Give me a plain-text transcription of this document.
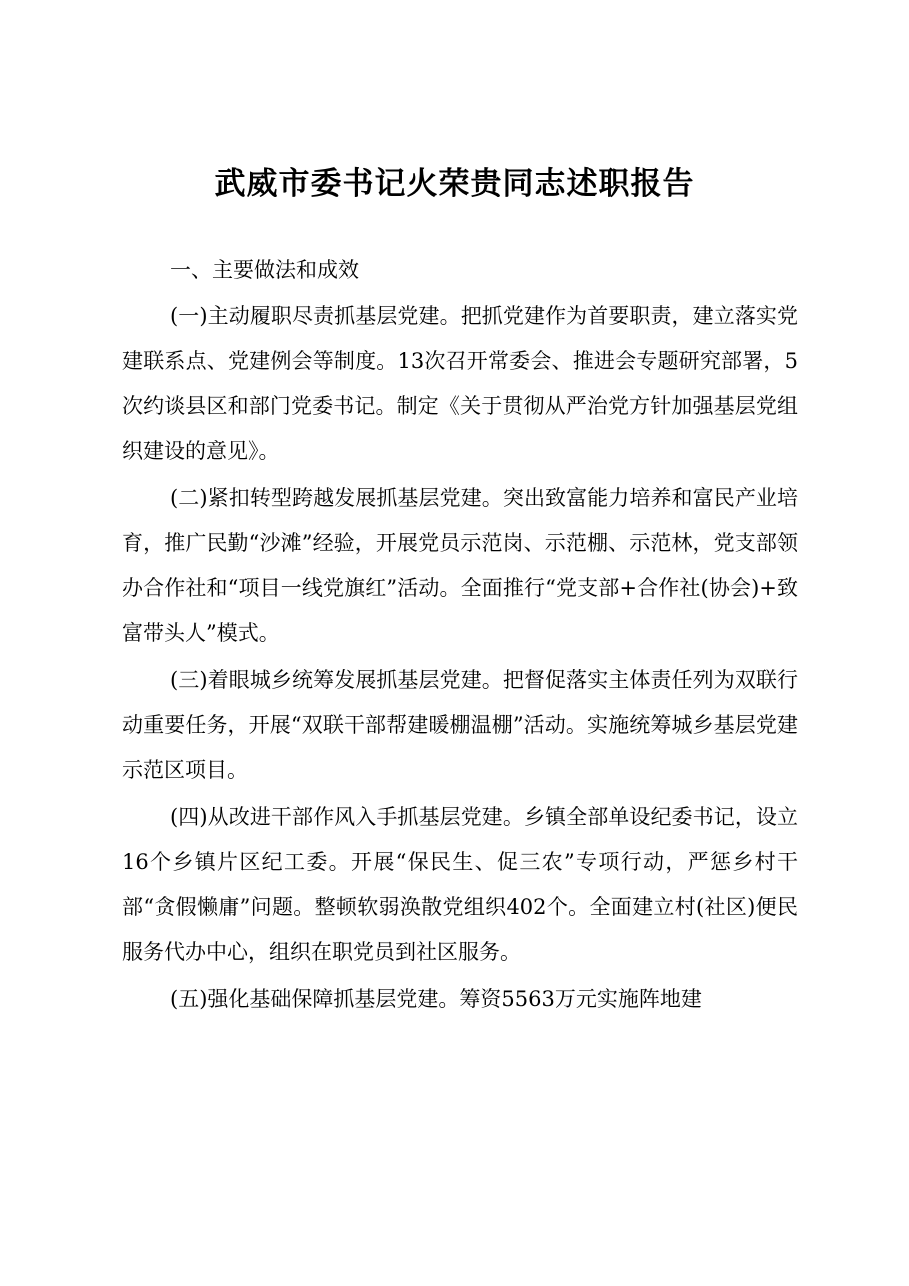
武威市委书记火荣贵同志述职报告

一、主要做法和成效

(一)主动履职尽责抓基层党建。把抓党建作为首要职责，建立落实党建联系点、党建例会等制度。13次召开常委会、推进会专题研究部署，5次约谈县区和部门党委书记。制定《关于贯彻从严治党方针加强基层党组织建设的意见》。

(二)紧扣转型跨越发展抓基层党建。突出致富能力培养和富民产业培育，推广民勤“沙滩”经验，开展党员示范岗、示范棚、示范林，党支部领办合作社和“项目一线党旗红”活动。全面推行“党支部+合作社(协会)+致富带头人”模式。

(三)着眼城乡统筹发展抓基层党建。把督促落实主体责任列为双联行动重要任务，开展“双联干部帮建暖棚温棚”活动。实施统筹城乡基层党建示范区项目。

(四)从改进干部作风入手抓基层党建。乡镇全部单设纪委书记，设立16个乡镇片区纪工委。开展“保民生、促三农”专项行动，严惩乡村干部“贪假懒庸”问题。整顿软弱涣散党组织402个。全面建立村(社区)便民服务代办中心，组织在职党员到社区服务。

(五)强化基础保障抓基层党建。筹资5563万元实施阵地建
